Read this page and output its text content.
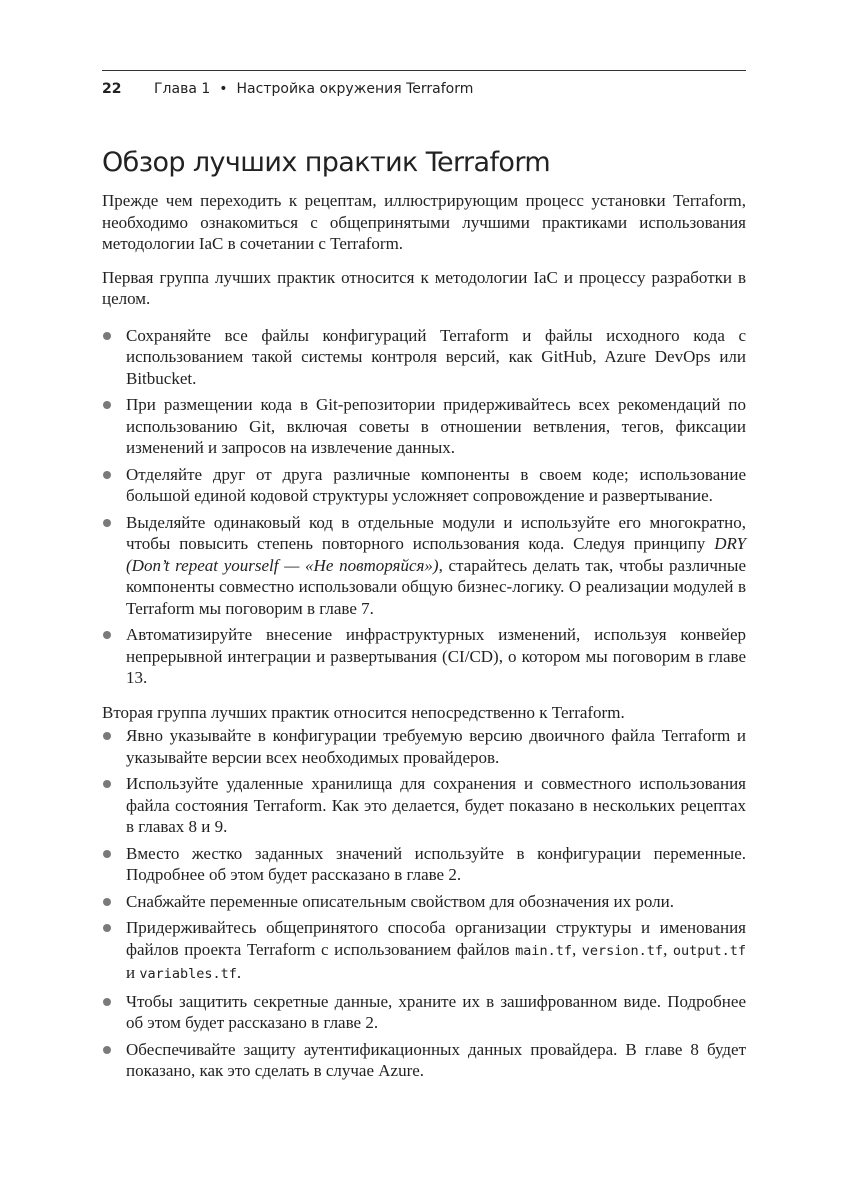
22 Глава 1 • Настройка окружения Terraform
Обзор лучших практик Terraform

Прежде чем переходить к рецептам, иллюстрирующим процесс установки Terraform, необходимо ознакомиться с общепринятыми лучшими практиками использования методологии IaC в сочетании с Terraform.

Первая группа лучших практик относится к методологии IaC и процессу разработки в целом.

Сохраняйте все файлы конфигураций Terraform и файлы исходного кода с использованием такой системы контроля версий, как GitHub, Azure DevOps или Bitbucket.
При размещении кода в Git-репозитории придерживайтесь всех рекомендаций по использованию Git, включая советы в отношении ветвления, тегов, фиксации изменений и запросов на извлечение данных.
Отделяйте друг от друга различные компоненты в своем коде; использование большой единой кодовой структуры усложняет сопровождение и развертывание.
Выделяйте одинаковый код в отдельные модули и используйте его многократно, чтобы повысить степень повторного использования кода. Следуя принципу DRY (Don’t repeat yourself — «Не повторяйся»), старайтесь делать так, чтобы различные компоненты совместно использовали общую бизнес-логику. О реализации модулей в Terraform мы поговорим в главе 7.
Автоматизируйте внесение инфраструктурных изменений, используя конвейер непрерывной интеграции и развертывания (CI/CD), о котором мы поговорим в главе 13.

Вторая группа лучших практик относится непосредственно к Terraform.

Явно указывайте в конфигурации требуемую версию двоичного файла Terraform и указывайте версии всех необходимых провайдеров.
Используйте удаленные хранилища для сохранения и совместного использования файла состояния Terraform. Как это делается, будет показано в нескольких рецептах в главах 8 и 9.
Вместо жестко заданных значений используйте в конфигурации переменные. Подробнее об этом будет рассказано в главе 2.
Снабжайте переменные описательным свойством для обозначения их роли.
Придерживайтесь общепринятого способа организации структуры и именования файлов проекта Terraform с использованием файлов main.tf, version.tf, output.tf и variables.tf.
Чтобы защитить секретные данные, храните их в зашифрованном виде. Подробнее об этом будет рассказано в главе 2.
Обеспечивайте защиту аутентификационных данных провайдера. В главе 8 будет показано, как это сделать в случае Azure.
